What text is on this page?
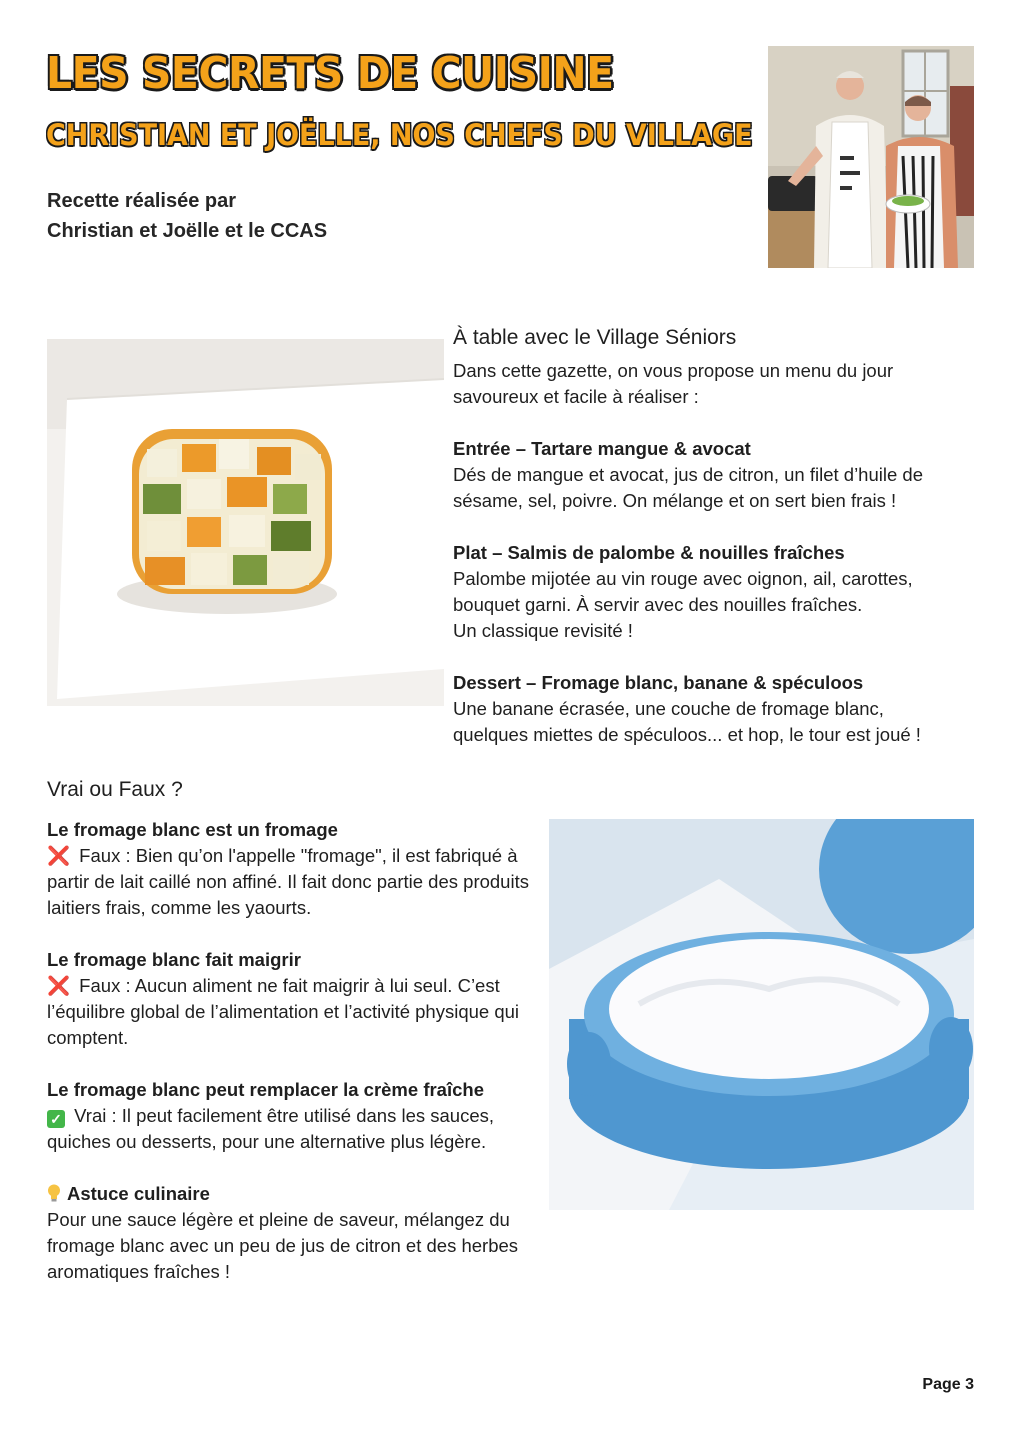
LES SECRETS DE CUISINE
CHRISTIAN ET JOËLLE, NOS CHEFS DU VILLAGE
Recette réalisée par
Christian et Joëlle et le CCAS
À table avec le Village Séniors

Dans cette gazette, on vous propose un menu du jour savoureux et facile à réaliser :

Entrée – Tartare mangue & avocat

Dés de mangue et avocat, jus de citron, un filet d’huile de sésame, sel, poivre. On mélange et on sert bien frais !

Plat – Salmis de palombe & nouilles fraîches

Palombe mijotée au vin rouge avec oignon, ail, carottes, bouquet garni. À servir avec des nouilles fraîches.

Un classique revisité !

Dessert – Fromage blanc, banane & spéculoos

Une banane écrasée, une couche de fromage blanc, quelques miettes de spéculoos... et hop, le tour est joué !

Vrai ou Faux ?

Le fromage blanc est un fromage

❌ Faux : Bien qu’on l'appelle "fromage", il est fabriqué à partir de lait caillé non affiné. Il fait donc partie des produits laitiers frais, comme les yaourts.

Le fromage blanc fait maigrir

❌ Faux : Aucun aliment ne fait maigrir à lui seul. C’est l’équilibre global de l’alimentation et l’activité physique qui comptent.

Le fromage blanc peut remplacer la crème fraîche

✓ Vrai : Il peut facilement être utilisé dans les sauces, quiches ou desserts, pour une alternative plus légère.

Astuce culinaire

Pour une sauce légère et pleine de saveur, mélangez du fromage blanc avec un peu de jus de citron et des herbes aromatiques fraîches !

Page 3
